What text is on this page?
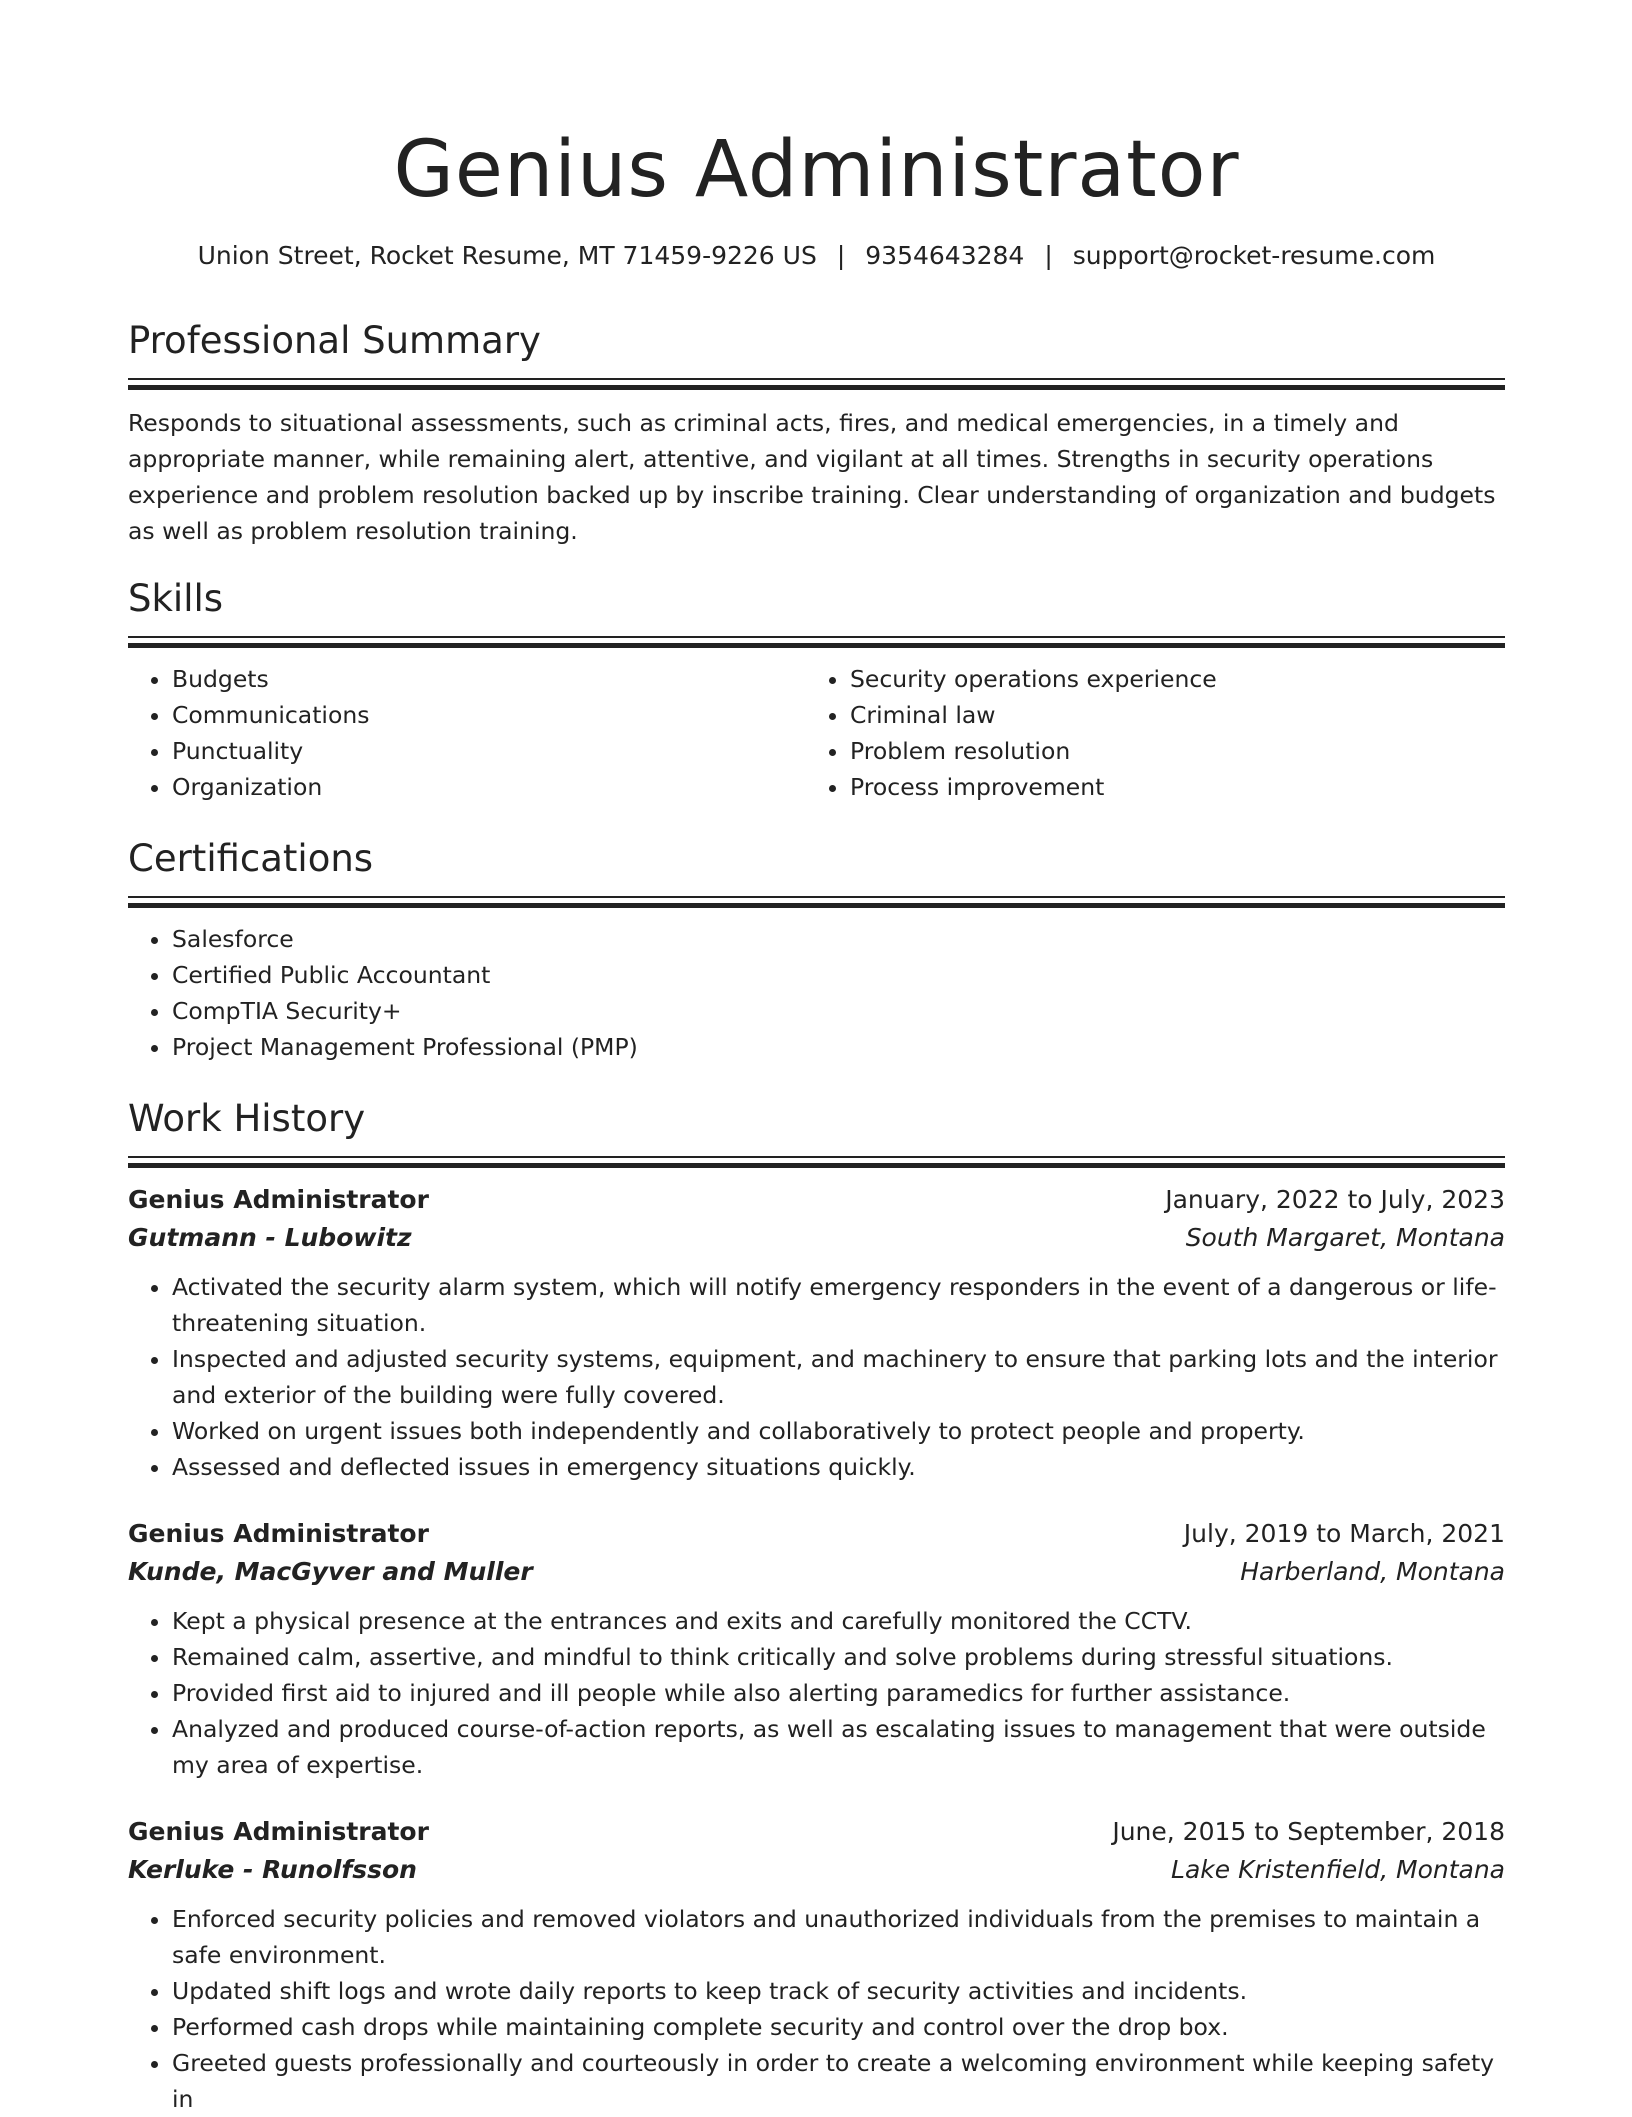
Genius Administrator
Union Street, Rocket Resume, MT 71459-9226 US | 9354643284 | support@rocket-resume.com
Professional Summary

Responds to situational assessments, such as criminal acts, fires, and medical emergencies, in a timely and appropriate manner, while remaining alert, attentive, and vigilant at all times. Strengths in security operations experience and problem resolution backed up by inscribe training. Clear understanding of organization and budgets as well as problem resolution training.

Skills
• Budgets
• Communications
• Punctuality
• Organization
• Security operations experience
• Criminal law
• Problem resolution
• Process improvement
Certifications
• Salesforce
• Certified Public Accountant
• CompTIA Security+
• Project Management Professional (PMP)
Work History
Genius Administrator	January, 2022 to July, 2023
Gutmann - Lubowitz	South Margaret, Montana
• Activated the security alarm system, which will notify emergency responders in the event of a dangerous or life-threatening situation.
• Inspected and adjusted security systems, equipment, and machinery to ensure that parking lots and the interior and exterior of the building were fully covered.
• Worked on urgent issues both independently and collaboratively to protect people and property.
• Assessed and deflected issues in emergency situations quickly.
Genius Administrator	July, 2019 to March, 2021
Kunde, MacGyver and Muller	Harberland, Montana
• Kept a physical presence at the entrances and exits and carefully monitored the CCTV.
• Remained calm, assertive, and mindful to think critically and solve problems during stressful situations.
• Provided first aid to injured and ill people while also alerting paramedics for further assistance.
• Analyzed and produced course-of-action reports, as well as escalating issues to management that were outside my area of expertise.
Genius Administrator	June, 2015 to September, 2018
Kerluke - Runolfsson	Lake Kristenfield, Montana
• Enforced security policies and removed violators and unauthorized individuals from the premises to maintain a safe environment.
• Updated shift logs and wrote daily reports to keep track of security activities and incidents.
• Performed cash drops while maintaining complete security and control over the drop box.
• Greeted guests professionally and courteously in order to create a welcoming environment while keeping safety in
